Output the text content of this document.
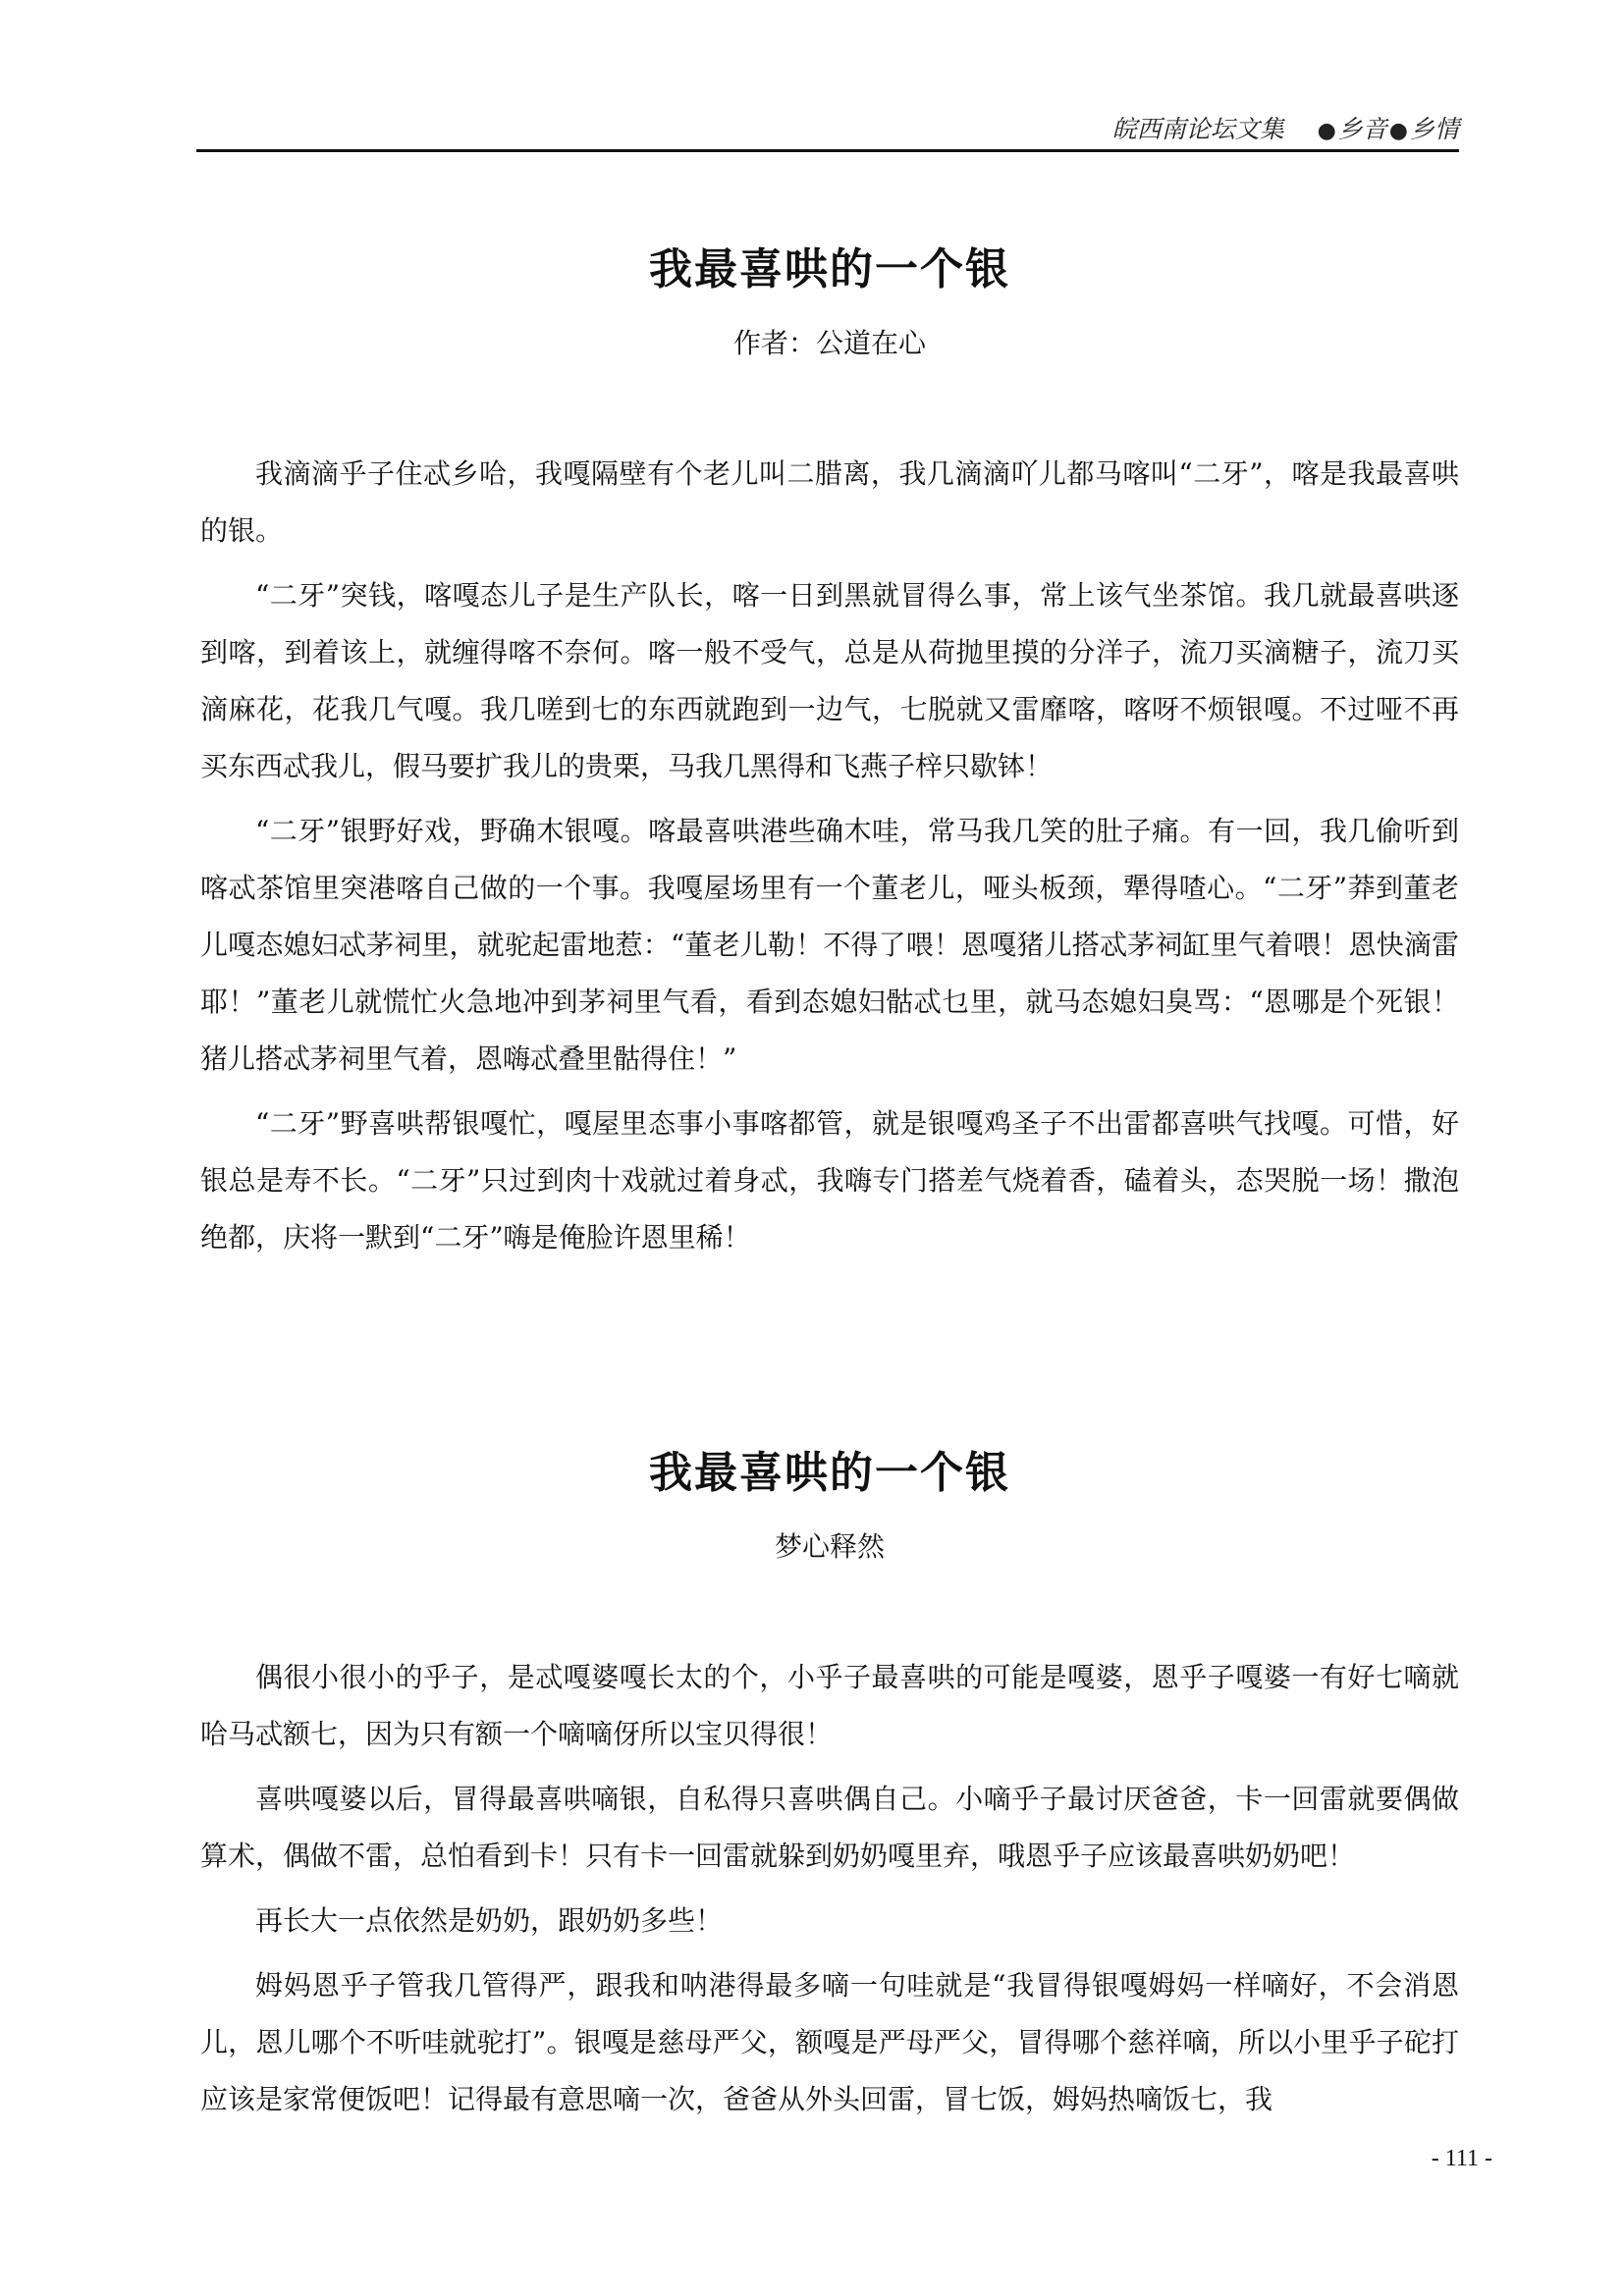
皖西南论坛文集 ●乡音●乡情
我最喜哄的一个银
作者：公道在心

我滴滴乎子住忒乡哈，我嘎隔壁有个老儿叫二腊离，我几滴滴吖儿都马喀叫“二牙”，喀是我最喜哄的银。

“二牙”突钱，喀嘎态儿子是生产队长，喀一日到黑就冒得么事，常上该气坐茶馆。我几就最喜哄逐到喀，到着该上，就缠得喀不奈何。喀一般不受气，总是从荷抛里摸的分洋子，流刀买滴糖子，流刀买滴麻花，花我几气嘎。我几嗟到七的东西就跑到一边气，七脱就又雷靡喀，喀呀不烦银嘎。不过哑不再买东西忒我儿，假马要扩我儿的贵栗，马我几黑得和飞燕子梓只歇钵！

“二牙”银野好戏，野确木银嘎。喀最喜哄港些确木哇，常马我几笑的肚子痛。有一回，我几偷听到喀忒茶馆里突港喀自己做的一个事。我嘎屋场里有一个董老儿，哑头板颈，犟得喳心。“二牙”莽到董老儿嘎态媳妇忒茅祠里，就驼起雷地惹：“董老儿勒！不得了喂！恩嘎猪儿搭忒茅祠缸里气着喂！恩快滴雷耶！”董老儿就慌忙火急地冲到茅祠里气看，看到态媳妇骷忒乜里，就马态媳妇臭骂：“恩哪是个死银！猪儿搭忒茅祠里气着，恩嗨忒叠里骷得住！”

“二牙”野喜哄帮银嘎忙，嘎屋里态事小事喀都管，就是银嘎鸡圣子不出雷都喜哄气找嘎。可惜，好银总是寿不长。“二牙”只过到肉十戏就过着身忒，我嗨专门搭差气烧着香，磕着头，态哭脱一场！撒泡绝都，庆将一默到“二牙”嗨是俺脸许恩里稀！

我最喜哄的一个银
梦心释然

偶很小很小的乎子，是忒嘎婆嘎长太的个，小乎子最喜哄的可能是嘎婆，恩乎子嘎婆一有好七嘀就哈马忒额七，因为只有额一个嘀嘀伢所以宝贝得很！

喜哄嘎婆以后，冒得最喜哄嘀银，自私得只喜哄偶自己。小嘀乎子最讨厌爸爸，卡一回雷就要偶做算术，偶做不雷，总怕看到卡！只有卡一回雷就躲到奶奶嘎里弃，哦恩乎子应该最喜哄奶奶吧！

再长大一点依然是奶奶，跟奶奶多些！

姆妈恩乎子管我几管得严，跟我和呐港得最多嘀一句哇就是“我冒得银嘎姆妈一样嘀好，不会消恩儿，恩儿哪个不听哇就驼打”。银嘎是慈母严父，额嘎是严母严父，冒得哪个慈祥嘀，所以小里乎子砣打应该是家常便饭吧！记得最有意思嘀一次，爸爸从外头回雷，冒七饭，姆妈热嘀饭七，我

- 111 -
